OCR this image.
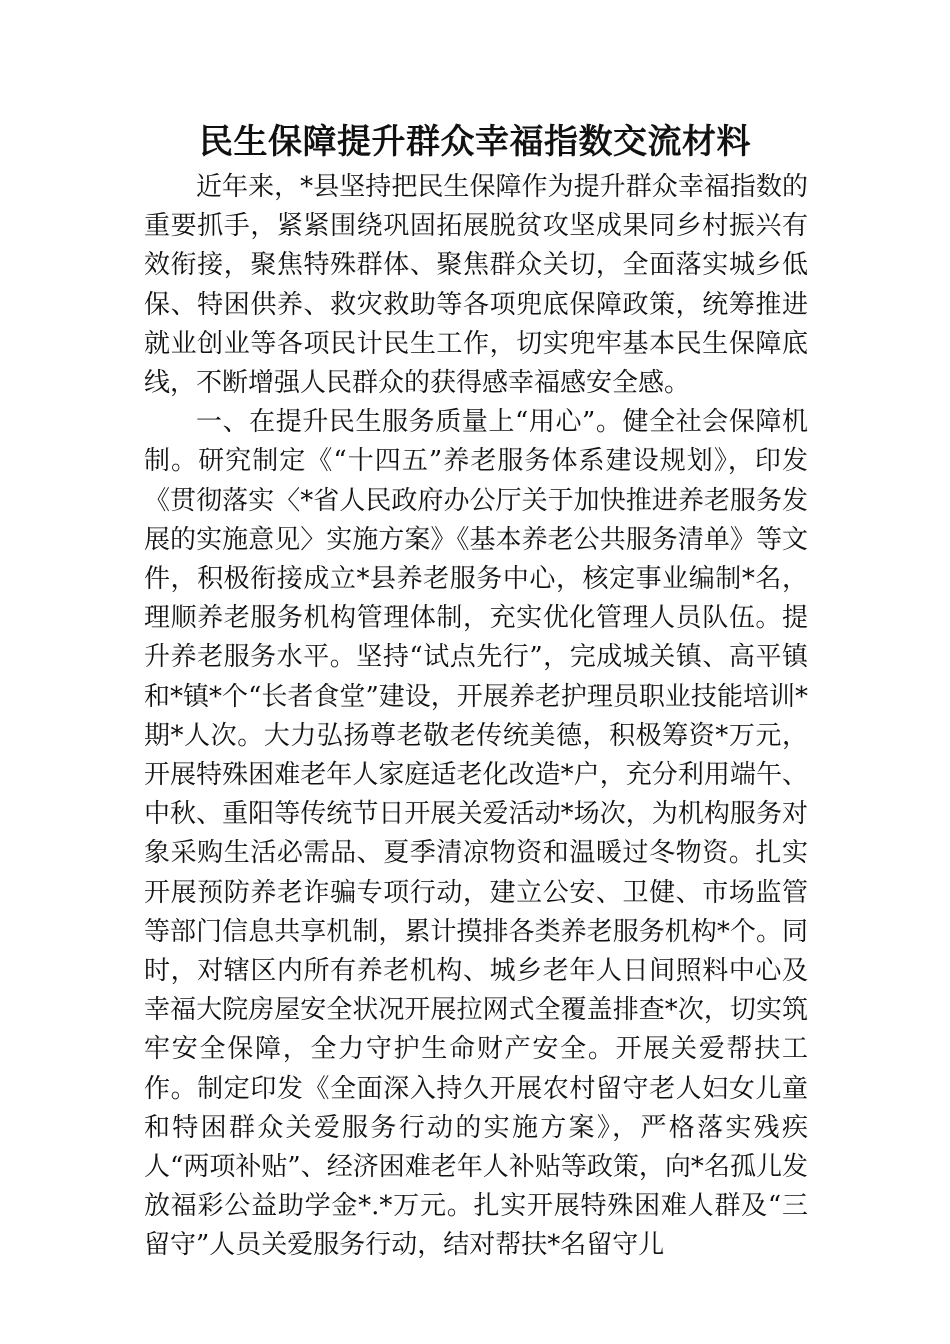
民生保障提升群众幸福指数交流材料

近年来，*县坚持把民生保障作为提升群众幸福指数的重要抓手，紧紧围绕巩固拓展脱贫攻坚成果同乡村振兴有效衔接，聚焦特殊群体、聚焦群众关切，全面落实城乡低保、特困供养、救灾救助等各项兜底保障政策，统筹推进就业创业等各项民计民生工作，切实兜牢基本民生保障底线，不断增强人民群众的获得感幸福感安全感。

一、在提升民生服务质量上“用心”。健全社会保障机制。研究制定《“十四五”养老服务体系建设规划》，印发《贯彻落实〈*省人民政府办公厅关于加快推进养老服务发展的实施意见〉实施方案》《基本养老公共服务清单》等文件，积极衔接成立*县养老服务中心，核定事业编制*名，理顺养老服务机构管理体制，充实优化管理人员队伍。提升养老服务水平。坚持“试点先行”，完成城关镇、高平镇和*镇*个“长者食堂”建设，开展养老护理员职业技能培训*期*人次。大力弘扬尊老敬老传统美德，积极筹资*万元，开展特殊困难老年人家庭适老化改造*户，充分利用端午、中秋、重阳等传统节日开展关爱活动*场次，为机构服务对象采购生活必需品、夏季清凉物资和温暖过冬物资。扎实开展预防养老诈骗专项行动，建立公安、卫健、市场监管等部门信息共享机制，累计摸排各类养老服务机构*个。同时，对辖区内所有养老机构、城乡老年人日间照料中心及幸福大院房屋安全状况开展拉网式全覆盖排查*次，切实筑牢安全保障，全力守护生命财产安全。开展关爱帮扶工作。制定印发《全面深入持久开展农村留守老人妇女儿童和特困群众关爱服务行动的实施方案》，严格落实残疾人“两项补贴”、经济困难老年人补贴等政策，向*名孤儿发放福彩公益助学金*.*万元。扎实开展特殊困难人群及“三留守”人员关爱服务行动，结对帮扶*名留守儿
